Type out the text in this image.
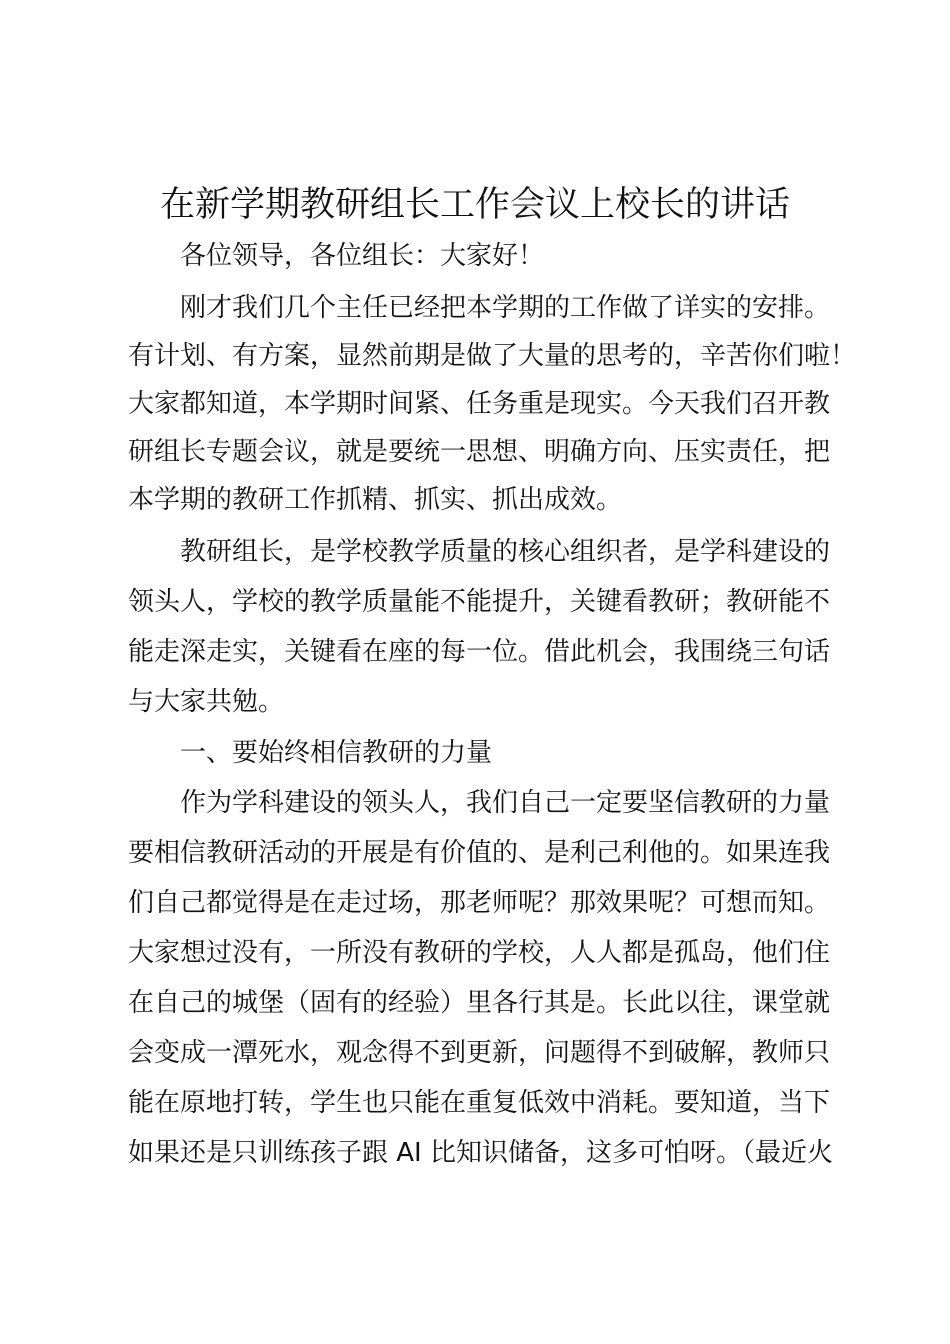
在新学期教研组长工作会议上校长的讲话

各位领导，各位组长：大家好！

刚才我们几个主任已经把本学期的工作做了详实的安排。

有计划、有方案，显然前期是做了大量的思考的，辛苦你们啦！

大家都知道，本学期时间紧、任务重是现实。今天我们召开教

研组长专题会议，就是要统一思想、明确方向、压实责任，把

本学期的教研工作抓精、抓实、抓出成效。

教研组长，是学校教学质量的核心组织者，是学科建设的

领头人，学校的教学质量能不能提升，关键看教研；教研能不

能走深走实，关键看在座的每一位。借此机会，我围绕三句话

与大家共勉。

一、要始终相信教研的力量

作为学科建设的领头人，我们自己一定要坚信教研的力量

要相信教研活动的开展是有价值的、是利己利他的。如果连我

们自己都觉得是在走过场，那老师呢？那效果呢？可想而知。

大家想过没有，一所没有教研的学校，人人都是孤岛，他们住

在自己的城堡（固有的经验）里各行其是。长此以往，课堂就

会变成一潭死水，观念得不到更新，问题得不到破解，教师只

能在原地打转，学生也只能在重复低效中消耗。要知道，当下

如果还是只训练孩子跟 AI 比知识储备，这多可怕呀。（最近火
